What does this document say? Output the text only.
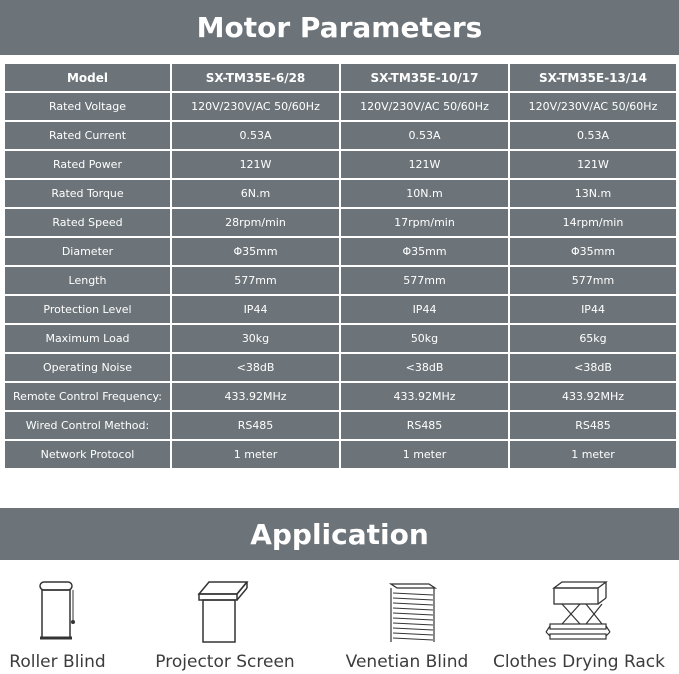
Motor Parameters
Model	SX-TM35E-6/28	SX-TM35E-10/17	SX-TM35E-13/14
Rated Voltage	120V/230V/AC 50/60Hz	120V/230V/AC 50/60Hz	120V/230V/AC 50/60Hz
Rated Current	0.53A	0.53A	0.53A
Rated Power	121W	121W	121W
Rated Torque	6N.m	10N.m	13N.m
Rated Speed	28rpm/min	17rpm/min	14rpm/min
Diameter	Φ35mm	Φ35mm	Φ35mm
Length	577mm	577mm	577mm
Protection Level	IP44	IP44	IP44
Maximum Load	30kg	50kg	65kg
Operating Noise	<38dB	<38dB	<38dB
Remote Control Frequency:	433.92MHz	433.92MHz	433.92MHz
Wired Control Method:	RS485	RS485	RS485
Network Protocol	1 meter	1 meter	1 meter
Application
Roller Blind	Projector Screen	Venetian Blind	Clothes Drying Rack
